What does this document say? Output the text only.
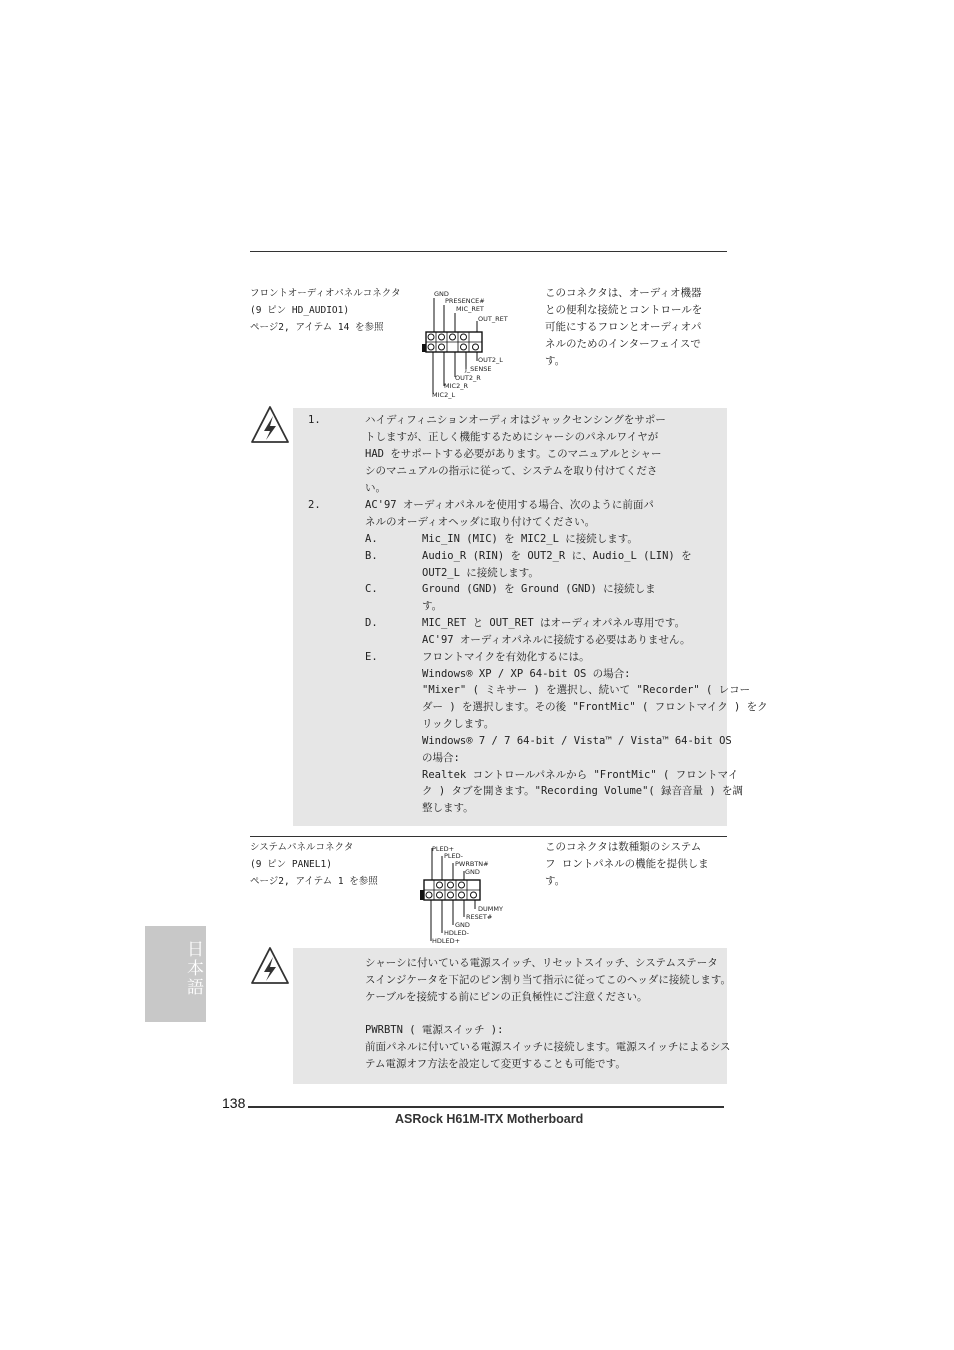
フロントオーディオパネルコネクタ
(9 ピン HD_AUDIO1)
ページ2, アイテム 14 を参照
GND
PRESENCE#
MIC_RET
OUT_RET
OUT2_L
J_SENSE
OUT2_R
MIC2_R
MIC2_L
このコネクタは、オーディオ機器
との便利な接続とコントロールを
可能にするフロンとオーディオパ
ネルのためのインターフェイスで
す。
1.	ハイディフィニションオーディオはジャックセンシングをサポー
トしますが、正しく機能するためにシャーシのパネルワイヤが
HAD をサポートする必要があります。このマニュアルとシャー
シのマニュアルの指示に従って、システムを取り付けてくださ
い。
2.	AC'97 オーディオパネルを使用する場合、次のように前面パ
ネルのオーディオヘッダに取り付けてください。
A.	Mic_IN (MIC) を MIC2_L に接続します。
B.	Audio_R (RIN) を OUT2_R に、Audio_L (LIN) を
OUT2_L に接続します。
C.	Ground (GND) を Ground (GND) に接続しま
す。
D.	MIC_RET と OUT_RET はオーディオパネル専用です。
AC'97 オーディオパネルに接続する必要はありません。
E.	フロントマイクを有効化するには。
Windows® XP / XP 64-bit OS の場合:
"Mixer" ( ミキサー ) を選択し、続いて "Recorder" ( レコー
ダー ) を選択します。その後 "FrontMic" ( フロントマイク ) をク
リックします。
Windows® 7 / 7 64-bit / Vista™ / Vista™ 64-bit OS
の場合:
Realtek コントロールパネルから "FrontMic" ( フロントマイ
ク ) タブを開きます。"Recording Volume"( 録音音量 ) を調
整します。
システムパネルコネクタ
(9 ピン PANEL1)
ページ2, アイテム 1 を参照
PLED+
PLED-
PWRBTN#
GND
DUMMY
RESET#
GND
HDLED-
HDLED+
このコネクタは数種類のシステム
フ ロントパネルの機能を提供しま
す。
日本語	シャーシに付いている電源スイッチ、リセットスイッチ、システムステータ
スインジケータを下記のピン割り当て指示に従ってこのヘッダに接続します。
ケーブルを接続する前にピンの正負極性にご注意ください。
PWRBTN ( 電源スイッチ ):
前面パネルに付いている電源スイッチに接続します。電源スイッチによるシス
テム電源オフ方法を設定して変更することも可能です。
138
ASRock H61M-ITX Motherboard
